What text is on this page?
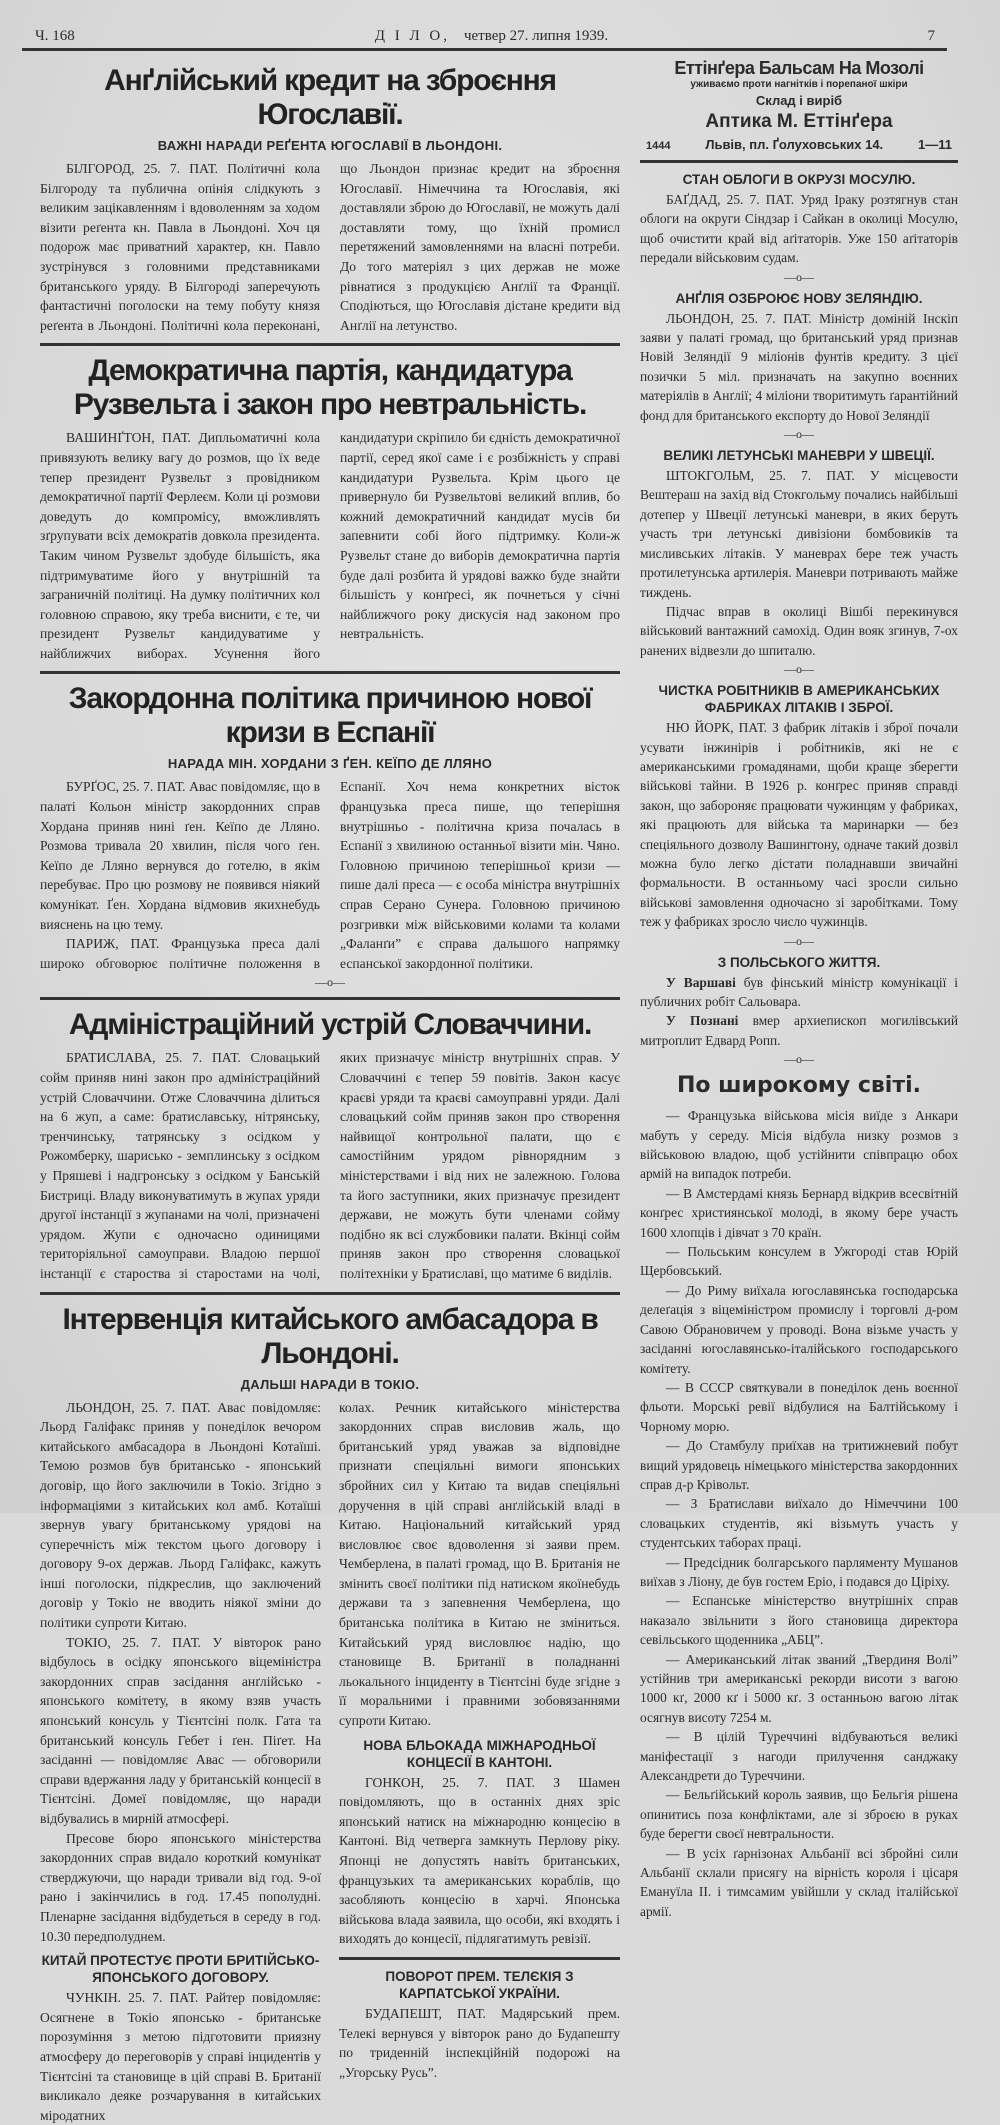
Ч. 168	Д І Л О, четвер 27. липня 1939.	7
Анґлійський кредит на зброєння Югославії.
ВАЖНІ НАРАДИ РЕҐЕНТА ЮГОСЛАВІЇ В ЛЬОНДОНІ.

БІЛГОРОД, 25. 7. ПАТ. Політичні кола Білгороду та публична опінія слідкують з великим зацікавленням і вдоволенням за ходом візити реґента кн. Павла в Льондоні. Хоч ця подорож має приватний характер, кн. Павло зустрінувся з головними представниками британського уряду. В Білгороді заперечують фантастичні поголоски на тему побуту князя реґента в Льондоні. Політичні кола переконані, що Льондон признає кредит на зброєння Югославії. Німеччина та Югославія, які доставляли зброю до Югославії, не можуть далі доставляти тому, що їхній промисл перетяжений замовленнями на власні потреби. До того матеріял з цих держав не може рівнатися з продукцією Анґлії та Франції. Сподіються, що Югославія дістане кредити від Анґлії на летунство.

Демократична партія, кандидатура Рузвельта і закон про невтральність.

ВАШИНҐТОН, ПАТ. Дипльоматичні кола привязують велику вагу до розмов, що їх веде тепер президент Рузвельт з провідником демократичної партії Ферлеєм. Коли ці розмови доведуть до компромісу, вможливлять зґрупувати всіх демократів довкола президента. Таким чином Рузвельт здобуде більшість, яка підтримуватиме його у внутрішній та заграничній політиці. На думку політичних кол головною справою, яку треба виснити, є те, чи президент Рузвельт кандидуватиме у найближчих виборах. Усунення його кандидатури скріпило би єдність демократичної партії, серед якої саме і є розбіжність у справі кандидатури Рузвельта. Крім цього це привернуло би Рузвельтові великий вплив, бо кожний демократичний кандидат мусів би запевнити собі його підтримку. Коли-ж Рузвельт стане до виборів демократична партія буде далі розбита й урядові важко буде знайти більшість у конґресі, як почнеться у січні найближчого року дискусія над законом про невтральність.

Закордонна політика причиною нової кризи в Еспанії
НАРАДА МІН. ХОРДАНИ З ҐЕН. КЕЇПО ДЕ ЛЛЯНО

БУРҐОС, 25. 7. ПАТ. Авас повідомляє, що в палаті Кольон міністр закордонних справ Хордана приняв нині ґен. Кеїпо де Лляно. Розмова тривала 20 хвилин, після чого ґен. Кеїпо де Лляно вернувся до готелю, в якім перебуває. Про цю розмову не появився ніякий комунікат. Ґен. Хордана відмовив якихнебудь вияснень на цю тему.

ПАРИЖ, ПАТ. Французька преса далі широко обговорює політичне положення в Еспанії. Хоч нема конкретних вісток французька преса пише, що теперішня внутрішньо - політична криза почалась в Еспанії з хвилиною останньої візити мін. Чяно. Головною причиною теперішньої кризи — пише далі преса — є особа міністра внутрішніх справ Серано Сунера. Головною причиною розгривки між військовими колами та колами „Фаланґи” є справа дальшого напрямку еспанської закордонної політики.

—o—
Адміністраційний устрій Словаччини.

БРАТИСЛАВА, 25. 7. ПАТ. Словацький сойм приняв нині закон про адміністраційний устрій Словаччини. Отже Словаччина ділиться на 6 жуп, а саме: братиславську, нітрянську, тренчинську, татрянську з осідком у Рожомберку, шарисько - земплинську з осідком у Пряшеві і надгронську з осідком у Банській Бистриці. Владу виконуватимуть в жупах уряди другої інстанції з жупанами на чолі, призначені урядом. Жупи є одночасно одиницями територіяльної самоуправи. Владою першої інстанції є староства зі старостами на чолі, яких призначує міністр внутрішніх справ. У Словаччині є тепер 59 повітів. Закон касує краєві уряди та краєві самоуправні уряди. Далі словацький сойм приняв закон про створення найвищої контрольної палати, що є самостійним урядом рівнорядним з міністерствами і від них не залежною. Голова та його заступники, яких призначує президент держави, не можуть бути членами сойму подібно як всі службовики палати. Вкінці сойм приняв закон про створення словацької політехніки у Братиславі, що матиме 6 виділів.

Інтервенція китайського амбасадора в Льондоні.
ДАЛЬШІ НАРАДИ В ТОКІО.

ЛЬОНДОН, 25. 7. ПАТ. Авас повідомляє: Льорд Галіфакс приняв у понеділок вечором китайського амбасадора в Льондоні Котаїші. Темою розмов був британсько - японський договір, що його заключили в Токіо. Згідно з інформаціями з китайських кол амб. Котаїші звернув увагу британському урядові на суперечність між текстом цього договору і договору 9-ох держав. Льорд Галіфакс, кажуть інші поголоски, підкреслив, що заключений договір у Токіо не вводить ніякої зміни до політики супроти Китаю.

ТОКІО, 25. 7. ПАТ. У вівторок рано відбулось в осідку японського віцеміністра закордонних справ засідання анґлійсько - японського комітету, в якому взяв участь японський консуль у Тієнтсіні полк. Гата та британський консуль Гебет і ґен. Піґет. На засіданні — повідомляє Авас — обговорили справи вдержання ладу у британській концесії в Тієнтсіні. Домеї повідомляє, що наради відбувались в мирній атмосфері.

Пресове бюро японського міністерства закордонних справ видало короткий комунікат стверджуючи, що наради тривали від год. 9-ої рано і закінчились в год. 17.45 пополудні. Пленарне засідання відбудеться в середу в год. 10.30 передполуднем.

КИТАЙ ПРОТЕСТУЄ ПРОТИ БРИТІЙСЬКО-ЯПОНСЬКОГО ДОГОВОРУ.

ЧУНКІН. 25. 7. ПАТ. Райтер повідомляє: Осягнене в Токіо японсько - британське порозуміння з метою підготовити приязну атмосферу до переговорів у справі інцидентів у Тієнтсіні та становище в цій справі В. Британії викликало деяке розчарування в китайських міродатних

колах. Речник китайського міністерства закордонних справ висловив жаль, що британський уряд уважав за відповідне признати спеціяльні вимоги японських збройних сил у Китаю та видав спеціяльні доручення в цій справі анґлійській владі в Китаю. Національний китайський уряд висловлює своє вдоволення зі заяви прем. Чемберлена, в палаті громад, що В. Британія не змінить своєї політики під натиском якоїнебудь держави та з запевнення Чемберлена, що британська політика в Китаю не зміниться. Китайський уряд висловлює надію, що становище В. Британії в поладнанні льокального інциденту в Тієнтсіні буде згідне з її моральними і правними зобовязаннями супроти Китаю.

НОВА БЛЬОКАДА МІЖНАРОДНЬОЇ КОНЦЕСІЇ В КАНТОНІ.

ГОНКОН, 25. 7. ПАТ. З Шамен повідомляють, що в останніх днях зріс японський натиск на міжнародню концесію в Кантоні. Від четверга замкнуть Перлову ріку. Японці не допустять навіть британських, французьких та американських кораблів, що засобляють концесію в харчі. Японська військова влада заявила, що особи, які входять і виходять до концесії, підлягатимуть ревізії.

ПОВОРОТ ПРЕМ. ТЕЛЄКІЯ З КАРПАТСЬКОЇ УКРАЇНИ.

БУДАПЕШТ, ПАТ. Мадярський прем. Телекі вернувся у вівторок рано до Будапешту по триденній інспекційній подорожі на „Угорську Русь”.

Еттінґера Бальсам На Мозолі
уживаємо проти нагнітків і порепаної шкіри
Склад і виріб
Аптика М. Еттінґера
1444	Львів, пл. Ґолуховських 14.	1—11
СТАН ОБЛОГИ В ОКРУЗІ МОСУЛЮ.

БАҐДАД, 25. 7. ПАТ. Уряд Іраку розтягнув стан облоги на округи Сіндзар і Сайкан в околиці Мосулю, щоб очистити край від аґітаторів. Уже 150 аґітаторів передали військовим судам.

—o—
АНҐЛІЯ ОЗБРОЮЄ НОВУ ЗЕЛЯНДІЮ.

ЛЬОНДОН, 25. 7. ПАТ. Міністр доміній Інскіп заяви у палаті громад, що британський уряд признав Новій Зеляндії 9 міліонів фунтів кредиту. З цієї позички 5 міл. призначать на закупно воєнних матеріялів в Анґлії; 4 міліони творитимуть ґарантійний фонд для британського експорту до Нової Зеляндії

—o—
ВЕЛИКІ ЛЕТУНСЬКІ МАНЕВРИ У ШВЕЦІЇ.

ШТОКГОЛЬМ, 25. 7. ПАТ. У місцевости Вештераш на захід від Стокгольму почались найбільші дотепер у Швеції летунські маневри, в яких беруть участь три летунські дивізіони бомбовиків та мисливських літаків. У маневрах бере теж участь протилетунська артилерія. Маневри потривають майже тиждень.

Підчас вправ в околиці Вішбі перекинувся військовий вантажний самохід. Один вояк згинув, 7-ох ранених відвезли до шпиталю.

—o—
ЧИСТКА РОБІТНИКІВ В АМЕРИКАНСЬКИХ ФАБРИКАХ ЛІТАКІВ І ЗБРОЇ.

НЮ ЙОРК, ПАТ. З фабрик літаків і зброї почали усувати інжинірів і робітників, які не є американськими громадянами, щоби краще зберегти військові тайни. В 1926 р. конґрес приняв справді закон, що забороняє працювати чужинцям у фабриках, які працюють для війська та маринарки — без спеціяльного дозволу Вашинґтону, одначе такий дозвіл можна було легко дістати поладнавши звичайні формальности. В останньому часі зросли сильно військові замовлення одночасно зі заробітками. Тому теж у фабриках зросло число чужинців.

—o—
З ПОЛЬСЬКОГО ЖИТТЯ.

У Варшаві був фінський міністр комунікації і публичних робіт Сальовара.

У Познані вмер архиепископ могилівський митроплит Едвард Ропп.

—o—
По широкому світі.

— Французька військова місія виїде з Анкари мабуть у середу. Місія відбула низку розмов з військовою владою, щоб устійнити співпрацю обох армій на випадок потреби.

— В Амстердамі князь Бернард відкрив всесвітній конґрес християнської молоді, в якому бере участь 1600 хлопців і дівчат з 70 країн.

— Польським консулем в Ужгороді став Юрій Щербовський.

— До Риму виїхала югославянська господарська делеґація з віцеміністром промислу і торговлі д-ром Савою Обрановичем у проводі. Вона візьме участь у засіданні югославянсько-італійського господарського комітету.

— В СССР святкували в понеділок день воєнної фльоти. Морські ревії відбулися на Балтійському і Чорному морю.

— До Стамбулу приїхав на тритижневий побут вищий урядовець німецького міністерства закордонних справ д-р Крівольт.

— З Братислави виїхало до Німеччини 100 словацьких студентів, які візьмуть участь у студентських таборах праці.

— Предсідник болгарського парляменту Мушанов виїхав з Ліону, де був гостем Еріо, і подався до Ціріху.

— Еспанське міністерство внутрішніх справ наказало звільнити з його становища директора севільського щоденника „АБЦ”.

— Американський літак званий „Твердиня Волі” устійнив три американські рекорди висоти з вагою 1000 кґ, 2000 кґ і 5000 кґ. З останньою вагою літак осягнув висоту 7254 м.

— В цілій Туреччині відбуваються великі маніфестації з нагоди прилучення санджаку Александрети до Туреччини.

— Бельґійський король заявив, що Бельгія рішена опинитись поза конфліктами, але зі зброєю в руках буде берегти своєї невтральности.

— В усіх ґарнізонах Альбанії всі збройні сили Альбанії склали присягу на вірність короля і цісаря Емануїла II. і тимсамим увійшли у склад італійської армії.
